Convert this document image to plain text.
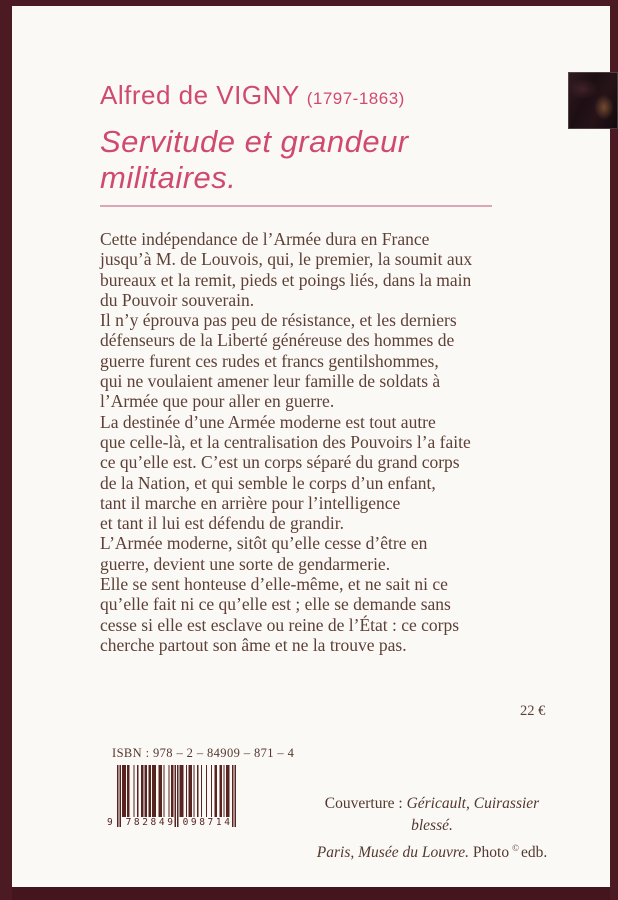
Alfred de VIGNY (1797-1863)
Servitude et grandeur
militaires.
Cette indépendance de l’Armée dura en France
jusqu’à M. de Louvois, qui, le premier, la soumit aux
bureaux et la remit, pieds et poings liés, dans la main
du Pouvoir souverain.
Il n’y éprouva pas peu de résistance, et les derniers
défenseurs de la Liberté généreuse des hommes de
guerre furent ces rudes et francs gentilshommes,
qui ne voulaient amener leur famille de soldats à
l’Armée que pour aller en guerre.
La destinée d’une Armée moderne est tout autre
que celle-là, et la centralisation des Pouvoirs l’a faite
ce qu’elle est. C’est un corps séparé du grand corps
de la Nation, et qui semble le corps d’un enfant,
tant il marche en arrière pour l’intelligence
et tant il lui est défendu de grandir.
L’Armée moderne, sitôt qu’elle cesse d’être en
guerre, devient une sorte de gendarmerie.
Elle se sent honteuse d’elle-même, et ne sait ni ce
qu’elle fait ni ce qu’elle est ; elle se demande sans
cesse si elle est esclave ou reine de l’État : ce corps
cherche partout son âme et ne la trouve pas.
22 €
ISBN : 978 – 2 – 84909 – 871 – 4
9 782849 098714
Couverture : Géricault, Cuirassier blessé.
Paris, Musée du Louvre. Photo © edb.
